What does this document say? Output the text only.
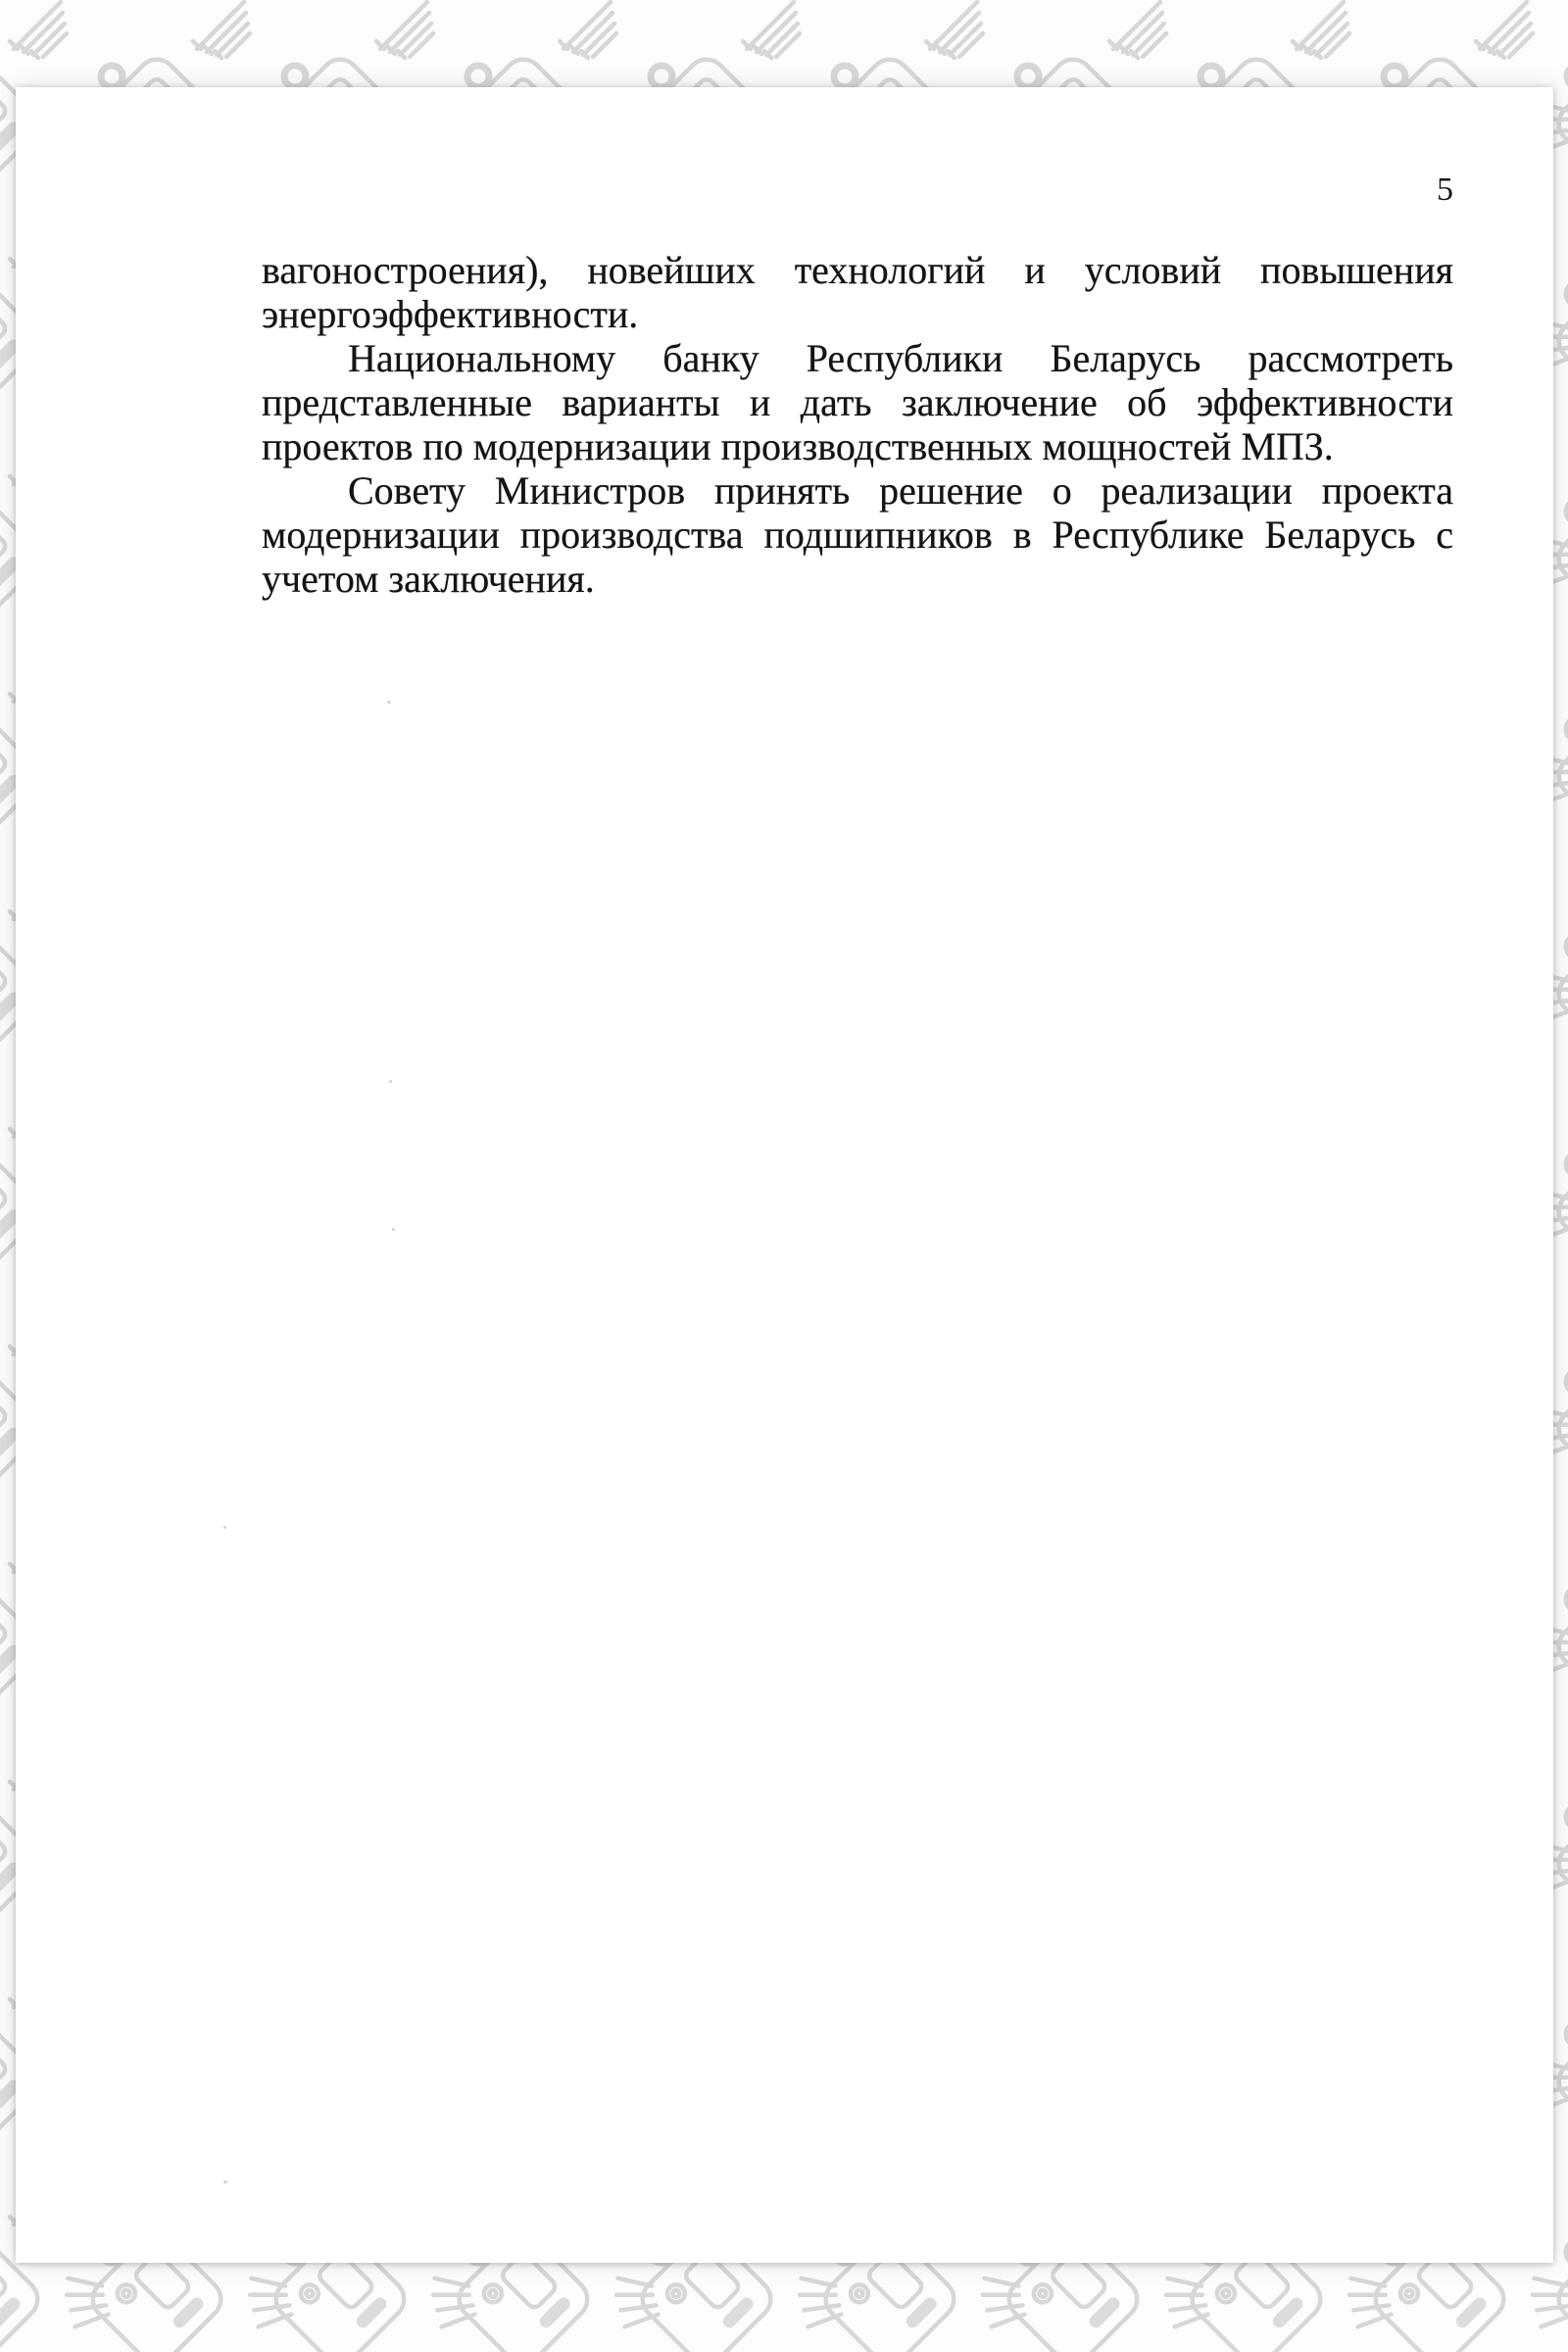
5
вагоностроения), новейших технологий и условий повышения
энергоэффективности.
Национальному банку Республики Беларусь рассмотреть
представленные варианты и дать заключение об эффективности
проектов по модернизации производственных мощностей МПЗ.
Совету Министров принять решение о реализации проекта
модернизации производства подшипников в Республике Беларусь с
учетом заключения.
